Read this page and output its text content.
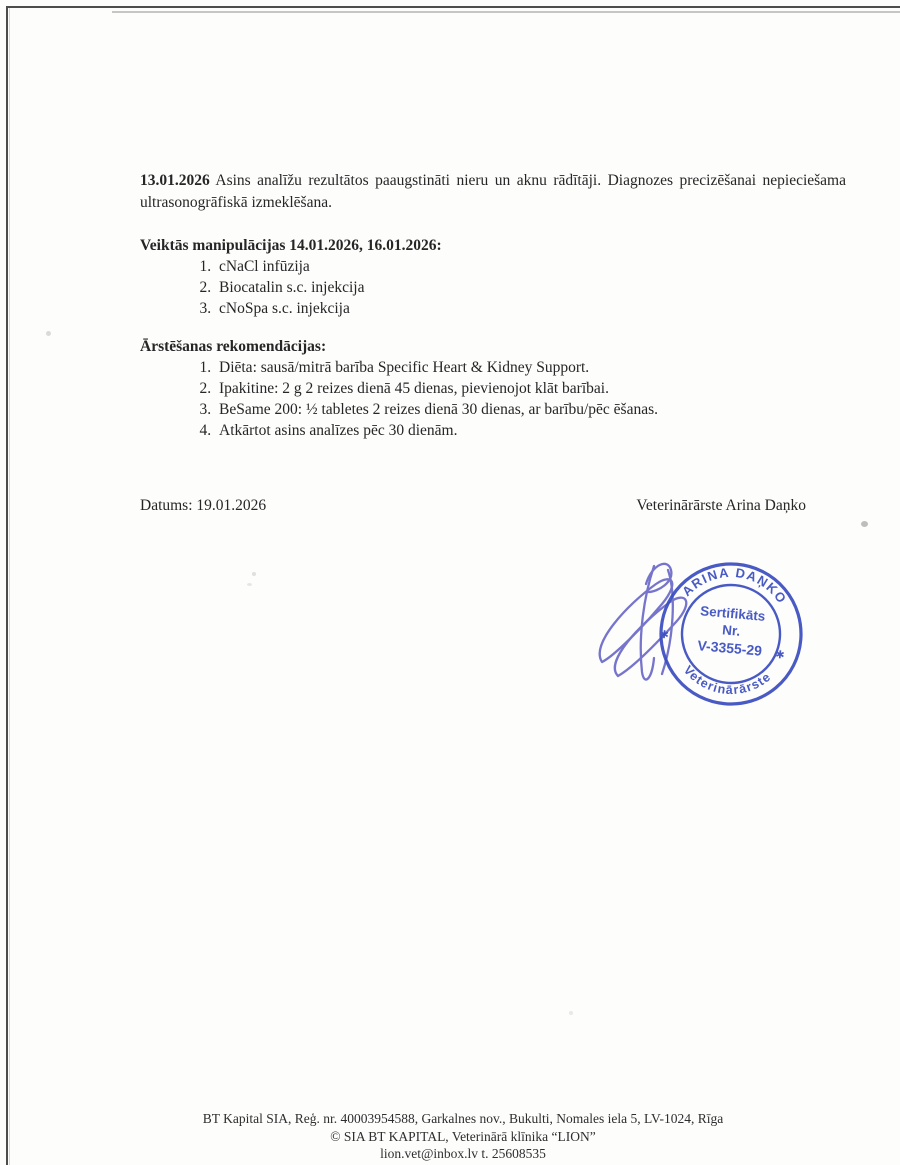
13.01.2026 Asins analīžu rezultātos paaugstināti nieru un aknu rādītāji. Diagnozes precizēšanai nepieciešama ultrasonogrāfiskā izmeklēšana.

Veiktās manipulācijas 14.01.2026, 16.01.2026:
1. cNaCl infūzija
2. Biocatalin s.c. injekcija
3. cNoSpa s.c. injekcija
Ārstēšanas rekomendācijas:
1. Diēta: sausā/mitrā barība Specific Heart & Kidney Support.
2. Ipakitine: 2 g 2 reizes dienā 45 dienas, pievienojot klāt barībai.
3. BeSame 200: ½ tabletes 2 reizes dienā 30 dienas, ar barību/pēc ēšanas.
4. Atkārtot asins analīzes pēc 30 dienām.
Datums: 19.01.2026	Veterinārārste Arina Daņko
ARINA DAŅKO
Veterinārārste
Sertifikāts
Nr.
V-3355-29
✱
✱
BT Kapital SIA, Reģ. nr. 40003954588, Garkalnes nov., Bukulti, Nomales iela 5, LV-1024, Rīga
© SIA BT KAPITAL, Veterinārā klīnika “LION”
lion.vet@inbox.lv t. 25608535
